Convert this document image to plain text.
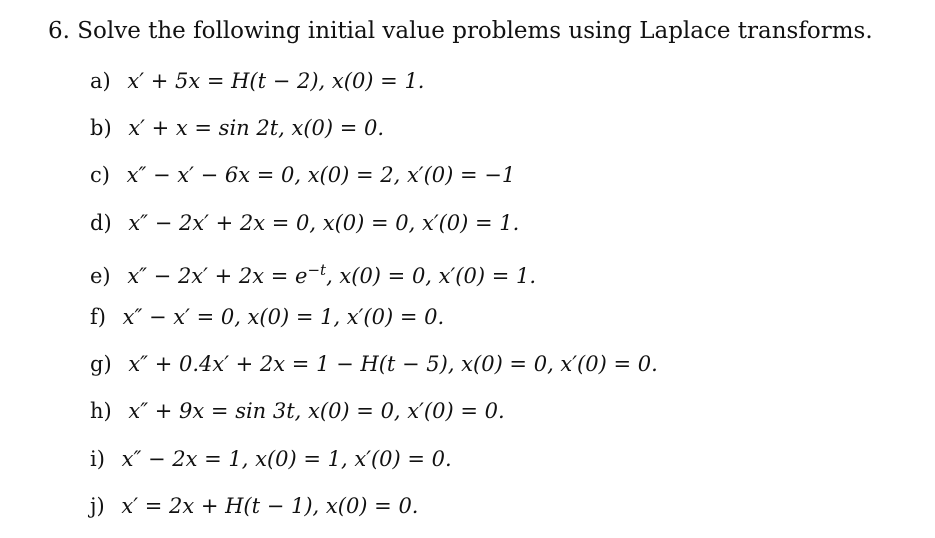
6. Solve the following initial value problems using Laplace transforms.
a) x′ + 5x = H(t − 2), x(0) = 1.
b) x′ + x = sin 2t, x(0) = 0.
c) x″ − x′ − 6x = 0, x(0) = 2, x′(0) = −1
d) x″ − 2x′ + 2x = 0, x(0) = 0, x′(0) = 1.
e) $x'' - 2x' + 2x = e^{-t}$, x(0) = 0, x′(0) = 1.
f) x″ − x′ = 0, x(0) = 1, x′(0) = 0.
g) x″ + 0.4x′ + 2x = 1 − H(t − 5), x(0) = 0, x′(0) = 0.
h) x″ + 9x = sin 3t, x(0) = 0, x′(0) = 0.
i) x″ − 2x = 1, x(0) = 1, x′(0) = 0.
j) x′ = 2x + H(t − 1), x(0) = 0.
